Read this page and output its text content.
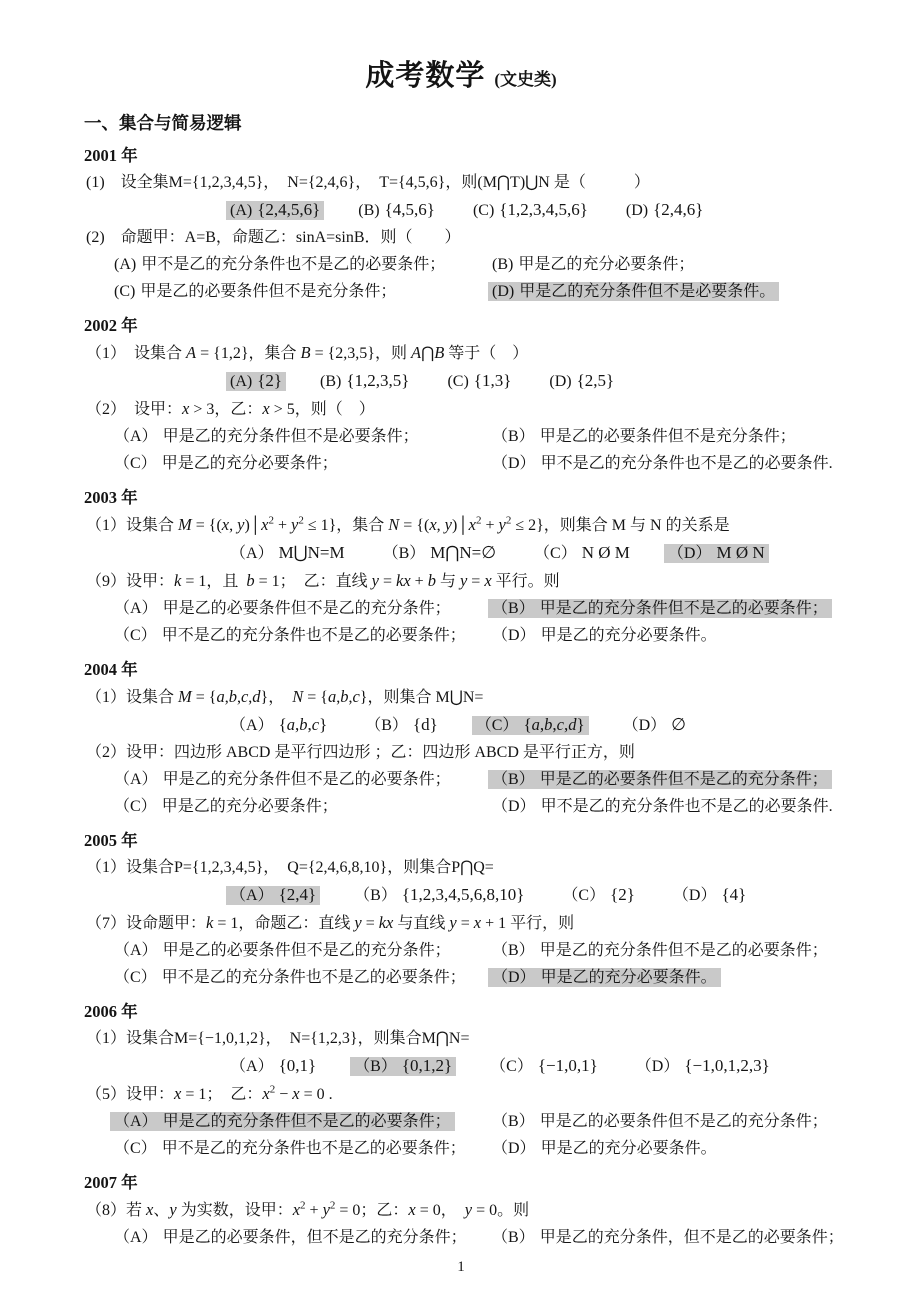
成考数学 (文史类)
一、集合与简易逻辑
2001 年
(1)　设全集M={1,2,3,4,5}，　N={2,4,6}，　T={4,5,6}，则(M⋂T)⋃N 是（　　　）
(A) {2,4,5,6} (B) {4,5,6} (C) {1,2,3,4,5,6} (D) {2,4,6}
(2)　命题甲：A=B，命题乙：sinA=sinB．则（　　）
(A) 甲不是乙的充分条件也不是乙的必要条件；	(B) 甲是乙的充分必要条件；
(C) 甲是乙的必要条件但不是充分条件；	(D) 甲是乙的充分条件但不是必要条件。
2002 年
（1）　设集合 A = {1,2}，集合 B = {2,3,5}，则 A⋂B 等于（　）
(A) {2} (B) {1,2,3,5} (C) {1,3} (D) {2,5}
（2）　设甲：x > 3，乙：x > 5，则（　）
（A） 甲是乙的充分条件但不是必要条件；	（B） 甲是乙的必要条件但不是充分条件；
（C） 甲是乙的充分必要条件；	（D） 甲不是乙的充分条件也不是乙的必要条件.
2003 年
（1）设集合 M = {(x, $y)│x^2 + y^2 \le 1$}，集合 N = {(x, $y)│x^2 + y^2 \le 2$}，则集合 M 与 N 的关系是
（A） M⋃N=M （B） M⋂N=∅ （C） N Ø M （D） M Ø N
（9）设甲：k = 1，且  b = 1；  乙：直线 y = kx + b 与 y = x 平行。则
（A） 甲是乙的必要条件但不是乙的充分条件；	（B） 甲是乙的充分条件但不是乙的必要条件；
（C） 甲不是乙的充分条件也不是乙的必要条件；	（D） 甲是乙的充分必要条件。
2004 年
（1）设集合 M = {a,b,c,d}，　N = {a,b,c}，则集合 M⋃N=
（A） {a,b,c} （B） {d} （C） {a,b,c,d} （D） ∅
（2）设甲：四边形 ABCD 是平行四边形 ；乙：四边形 ABCD 是平行正方，则
（A） 甲是乙的充分条件但不是乙的必要条件；	（B） 甲是乙的必要条件但不是乙的充分条件；
（C） 甲是乙的充分必要条件；	（D） 甲不是乙的充分条件也不是乙的必要条件.
2005 年
（1）设集合P={1,2,3,4,5}，　Q={2,4,6,8,10}，则集合P⋂Q=
（A） {2,4} （B） {1,2,3,4,5,6,8,10} （C） {2} （D） {4}
（7）设命题甲：k = 1，命题乙：直线 y = kx 与直线 y = x + 1 平行，则
（A） 甲是乙的必要条件但不是乙的充分条件；	（B） 甲是乙的充分条件但不是乙的必要条件；
（C） 甲不是乙的充分条件也不是乙的必要条件；	（D） 甲是乙的充分必要条件。
2006 年
（1）设集合M={−1,0,1,2}，　N={1,2,3}，则集合M⋂N=
（A） {0,1} （B） {0,1,2} （C） {−1,0,1} （D） {−1,0,1,2,3}
（5）设甲：x = 1；  乙：$x^2 - x = 0$ .
（A） 甲是乙的充分条件但不是乙的必要条件；	（B） 甲是乙的必要条件但不是乙的充分条件；
（C） 甲不是乙的充分条件也不是乙的必要条件；	（D） 甲是乙的充分必要条件。
2007 年
（8）若 x、y 为实数，设甲：$x^2 + y^2 = 0$；乙：x = 0，　y = 0。则
（A） 甲是乙的必要条件，但不是乙的充分条件；	（B） 甲是乙的充分条件，但不是乙的必要条件；
1
